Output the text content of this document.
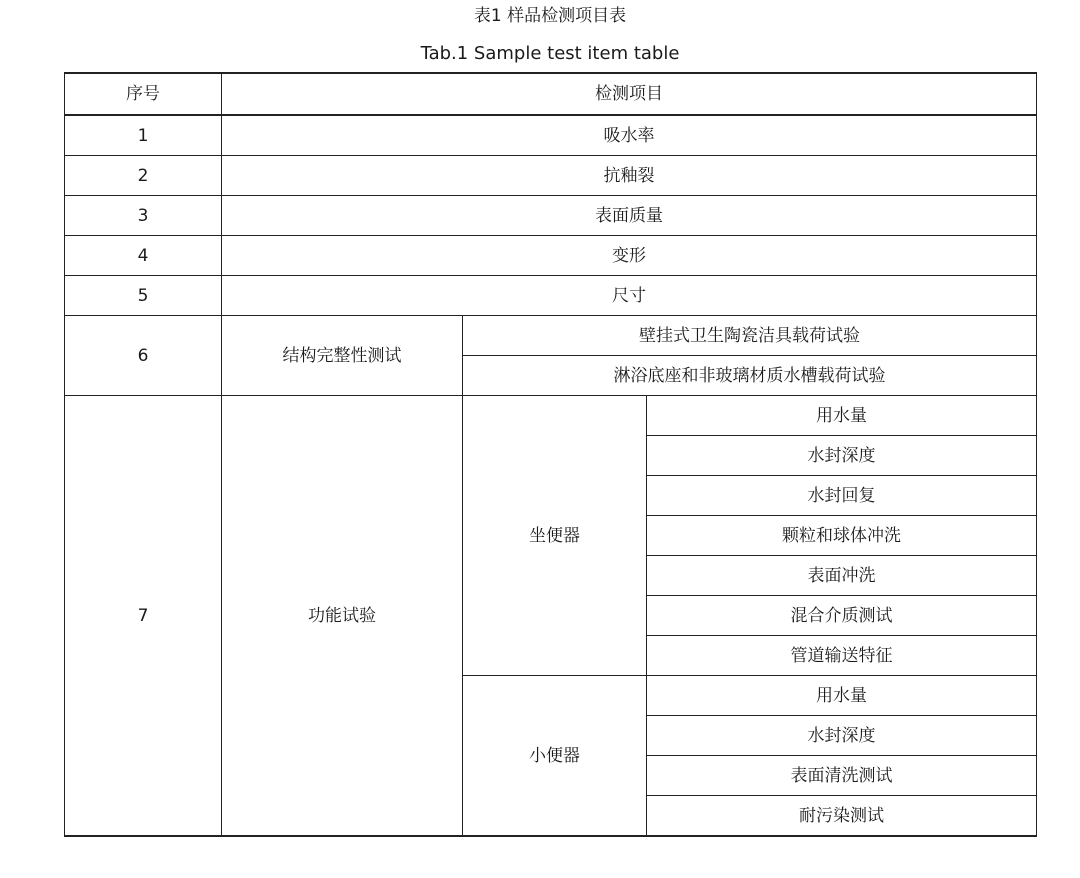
表1 样品检测项目表
Tab.1 Sample test item table
序号	检测项目		
1	吸水率		
2	抗釉裂		
3	表面质量		
4	变形		
5	尺寸		
6	结构完整性测试	壁挂式卫生陶瓷洁具载荷试验	
		淋浴底座和非玻璃材质水槽载荷试验	
7	功能试验	坐便器	用水量
			水封深度
			水封回复
			颗粒和球体冲洗
			表面冲洗
			混合介质测试
			管道输送特征
		小便器	用水量
			水封深度
			表面清洗测试
			耐污染测试
